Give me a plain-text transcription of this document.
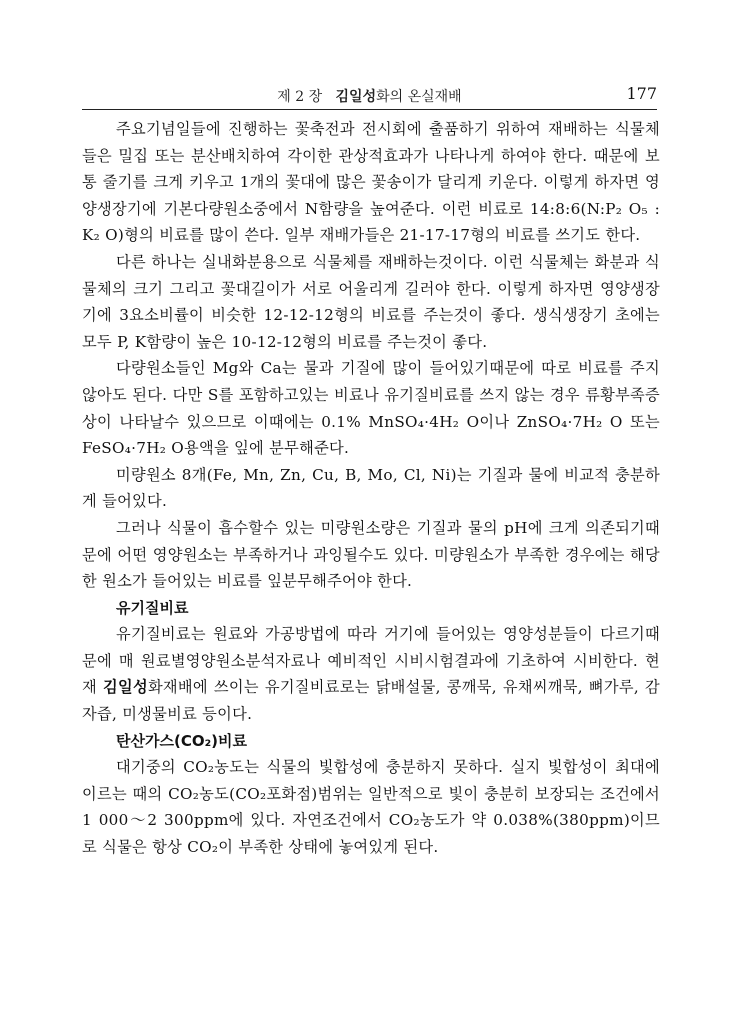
제 2 장 김일성화의 온실재배	177

주요기념일들에 진행하는 꽃축전과 전시회에 출품하기 위하여 재배하는 식물체들은 밀집 또는 분산배치하여 각이한 관상적효과가 나타나게 하여야 한다. 때문에 보통 줄기를 크게 키우고 1개의 꽃대에 많은 꽃송이가 달리게 키운다. 이렇게 하자면 영양생장기에 기본다량원소중에서 N함량을 높여준다. 이런 비료로 14:8:6(N:P₂ O₅ : K₂ O)형의 비료를 많이 쓴다. 일부 재배가들은 21-17-17형의 비료를 쓰기도 한다.

다른 하나는 실내화분용으로 식물체를 재배하는것이다. 이런 식물체는 화분과 식물체의 크기 그리고 꽃대길이가 서로 어울리게 길러야 한다. 이렇게 하자면 영양생장기에 3요소비률이 비슷한 12-12-12형의 비료를 주는것이 좋다. 생식생장기 초에는 모두 P, K함량이 높은 10-12-12형의 비료를 주는것이 좋다.

다량원소들인 Mg와 Ca는 물과 기질에 많이 들어있기때문에 따로 비료를 주지 않아도 된다. 다만 S를 포함하고있는 비료나 유기질비료를 쓰지 않는 경우 류황부족증상이 나타날수 있으므로 이때에는 0.1% MnSO₄·4H₂ O이나 ZnSO₄·7H₂ O 또는 FeSO₄·7H₂ O용액을 잎에 분무해준다.

미량원소 8개(Fe, Mn, Zn, Cu, B, Mo, Cl, Ni)는 기질과 물에 비교적 충분하게 들어있다.

그러나 식물이 흡수할수 있는 미량원소량은 기질과 물의 pH에 크게 의존되기때문에 어떤 영양원소는 부족하거나 과잉될수도 있다. 미량원소가 부족한 경우에는 해당한 원소가 들어있는 비료를 잎분무해주어야 한다.

유기질비료

유기질비료는 원료와 가공방법에 따라 거기에 들어있는 영양성분들이 다르기때문에 매 원료별영양원소분석자료나 예비적인 시비시험결과에 기초하여 시비한다. 현재 김일성화재배에 쓰이는 유기질비료로는 닭배설물, 콩깨묵, 유채씨깨묵, 뼈가루, 감자즙, 미생물비료 등이다.

탄산가스(CO₂)비료

대기중의 CO₂농도는 식물의 빛합성에 충분하지 못하다. 실지 빛합성이 최대에 이르는 때의 CO₂농도(CO₂포화점)범위는 일반적으로 빛이 충분히 보장되는 조건에서 1 000～2 300ppm에 있다. 자연조건에서 CO₂농도가 약 0.038%(380ppm)이므로 식물은 항상 CO₂이 부족한 상태에 놓여있게 된다.
